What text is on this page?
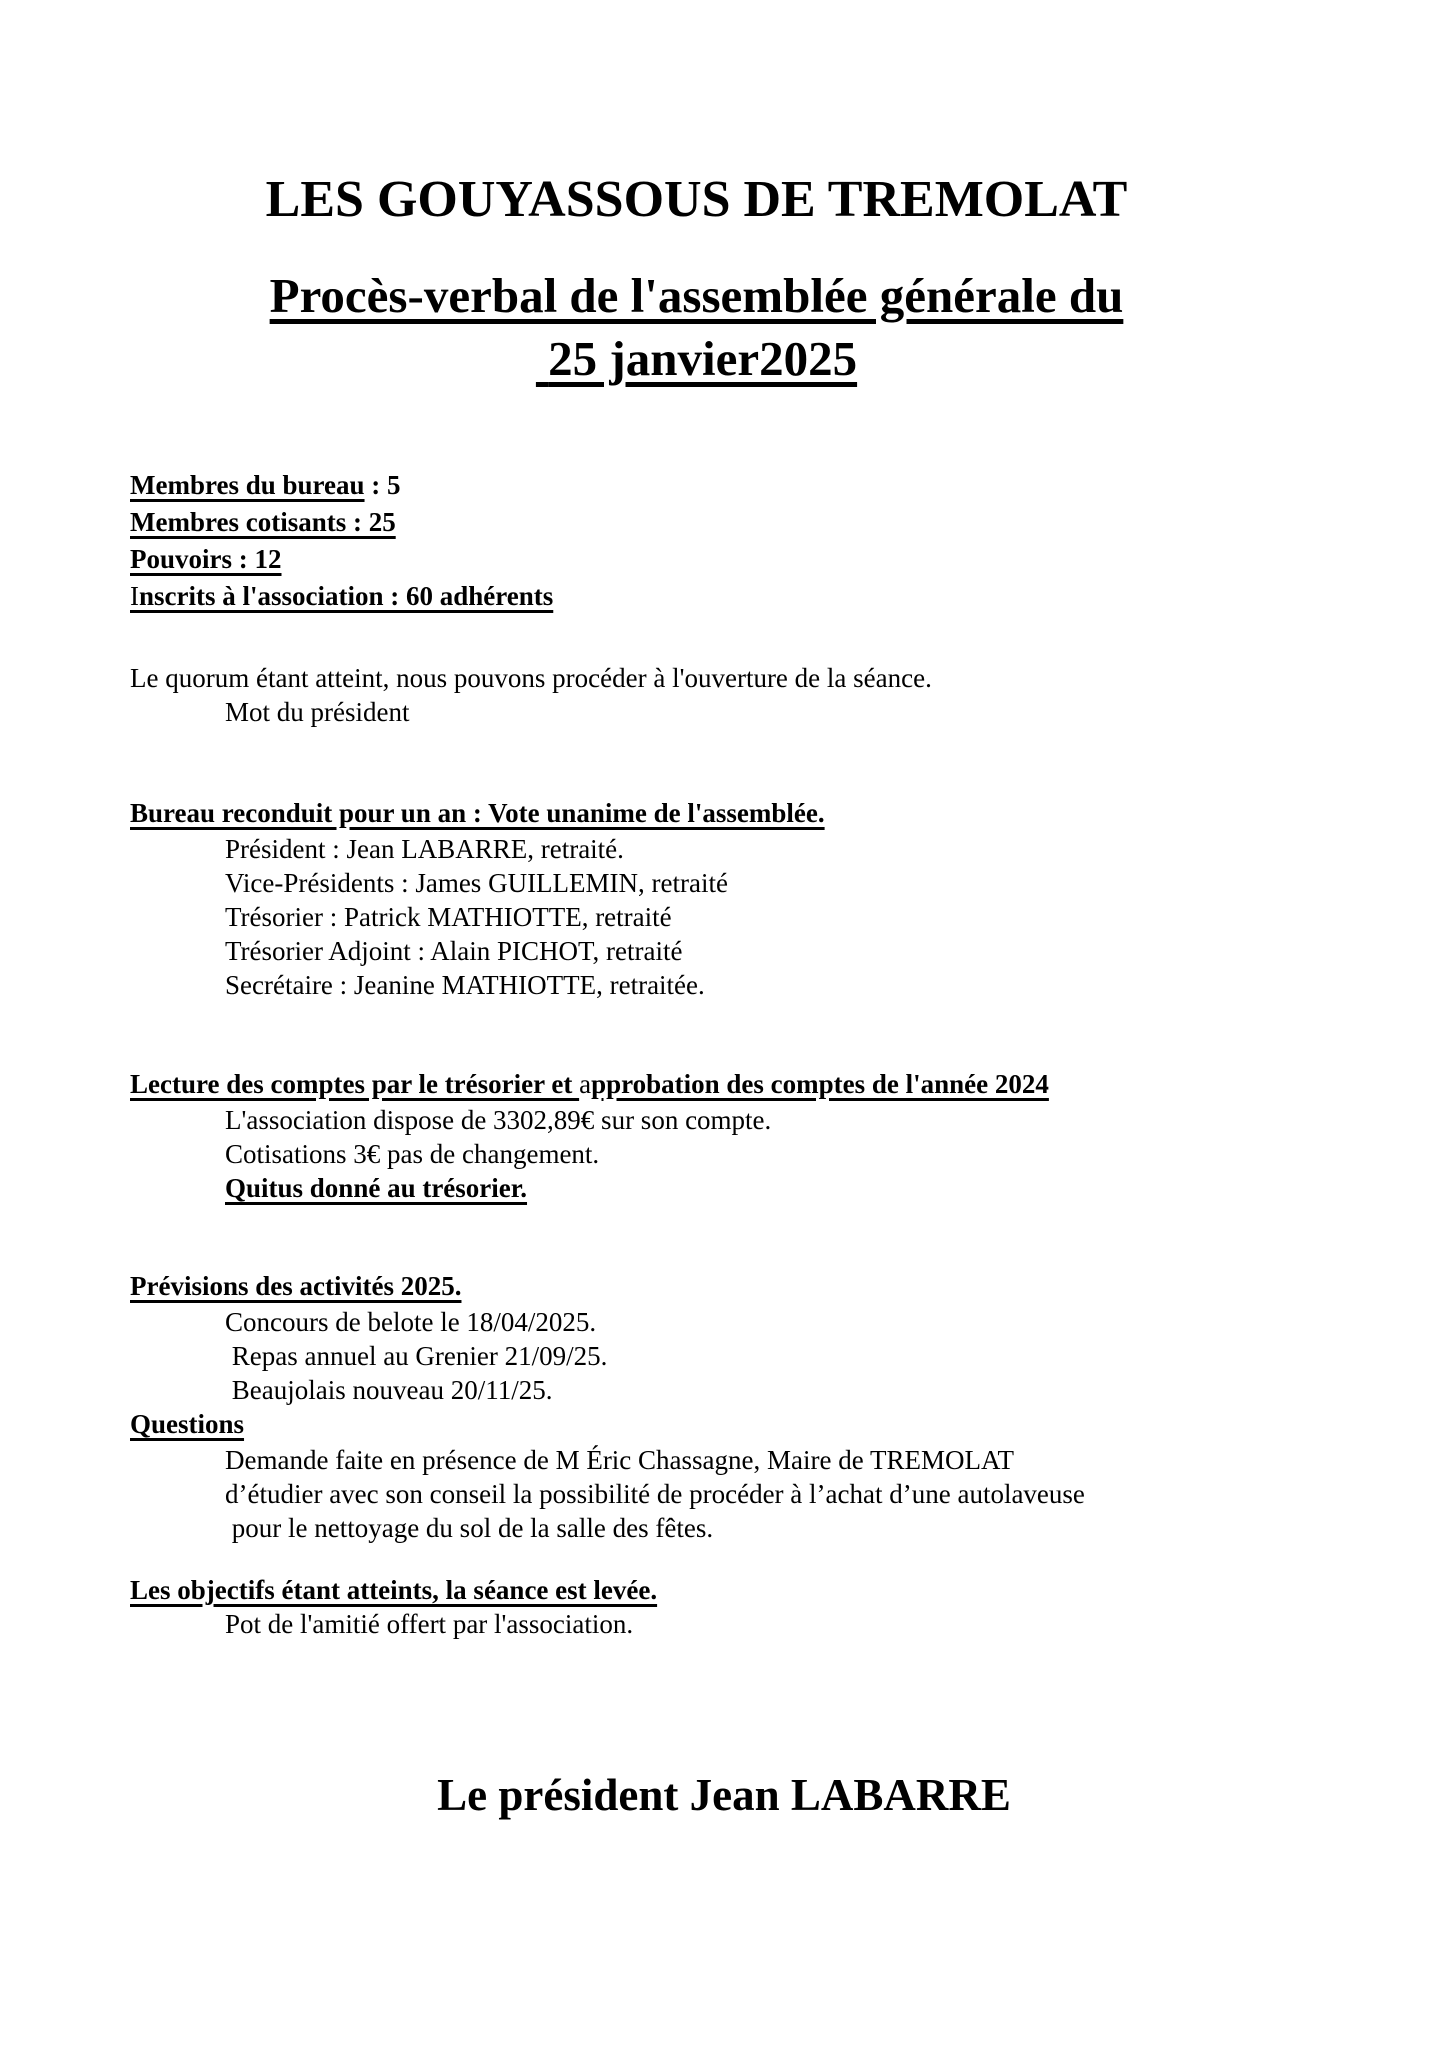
LES GOUYASSOUS DE TREMOLAT
Procès-verbal de l'assemblée générale du
25 janvier2025
Membres du bureau : 5
Membres cotisants : 25
Pouvoirs : 12
Inscrits à l'association : 60 adhérents
Le quorum étant atteint, nous pouvons procéder à l'ouverture de la séance.
Mot du président
Bureau reconduit pour un an : Vote unanime de l'assemblée.
Président : Jean LABARRE, retraité.
Vice-Présidents : James GUILLEMIN, retraité
Trésorier : Patrick MATHIOTTE, retraité
Trésorier Adjoint : Alain PICHOT, retraité
Secrétaire : Jeanine MATHIOTTE, retraitée.
Lecture des comptes par le trésorier et approbation des comptes de l'année 2024
L'association dispose de 3302,89€ sur son compte.
Cotisations 3€ pas de changement.
Quitus donné au trésorier.
Prévisions des activités 2025.
Concours de belote le 18/04/2025.
Repas annuel au Grenier 21/09/25.
Beaujolais nouveau 20/11/25.
Questions
Demande faite en présence de M Éric Chassagne, Maire de TREMOLAT
d’étudier avec son conseil la possibilité de procéder à l’achat d’une autolaveuse
pour le nettoyage du sol de la salle des fêtes.
Les objectifs étant atteints, la séance est levée.
Pot de l'amitié offert par l'association.
Le président Jean LABARRE
